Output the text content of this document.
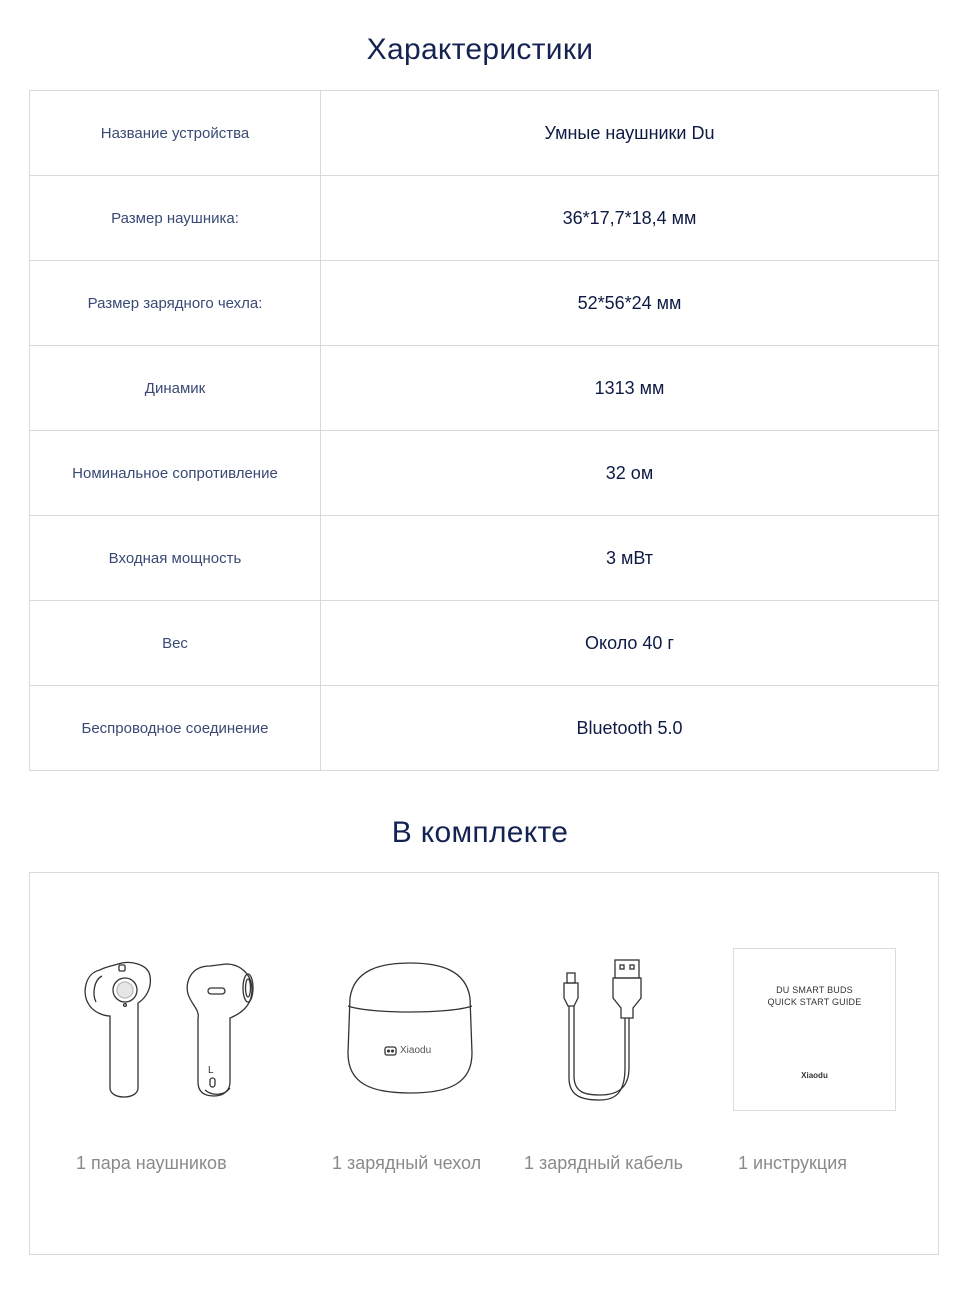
Характеристики
Название устройства	Умные наушники Du
Размер наушника:	36*17,7*18,4 мм
Размер зарядного чехла:	52*56*24 мм
Динамик	1313 мм
Номинальное сопротивление	32 ом
Входная мощность	3 мВт
Вес	Около 40 г
Беспроводное соединение	Bluetooth 5.0
В комплекте
L
Xiaodu
DU SMART BUDS
QUICK START GUIDE
Xiaodu
1 пара наушников	1 зарядный чехол 1 зарядный кабель	1 инструкция
